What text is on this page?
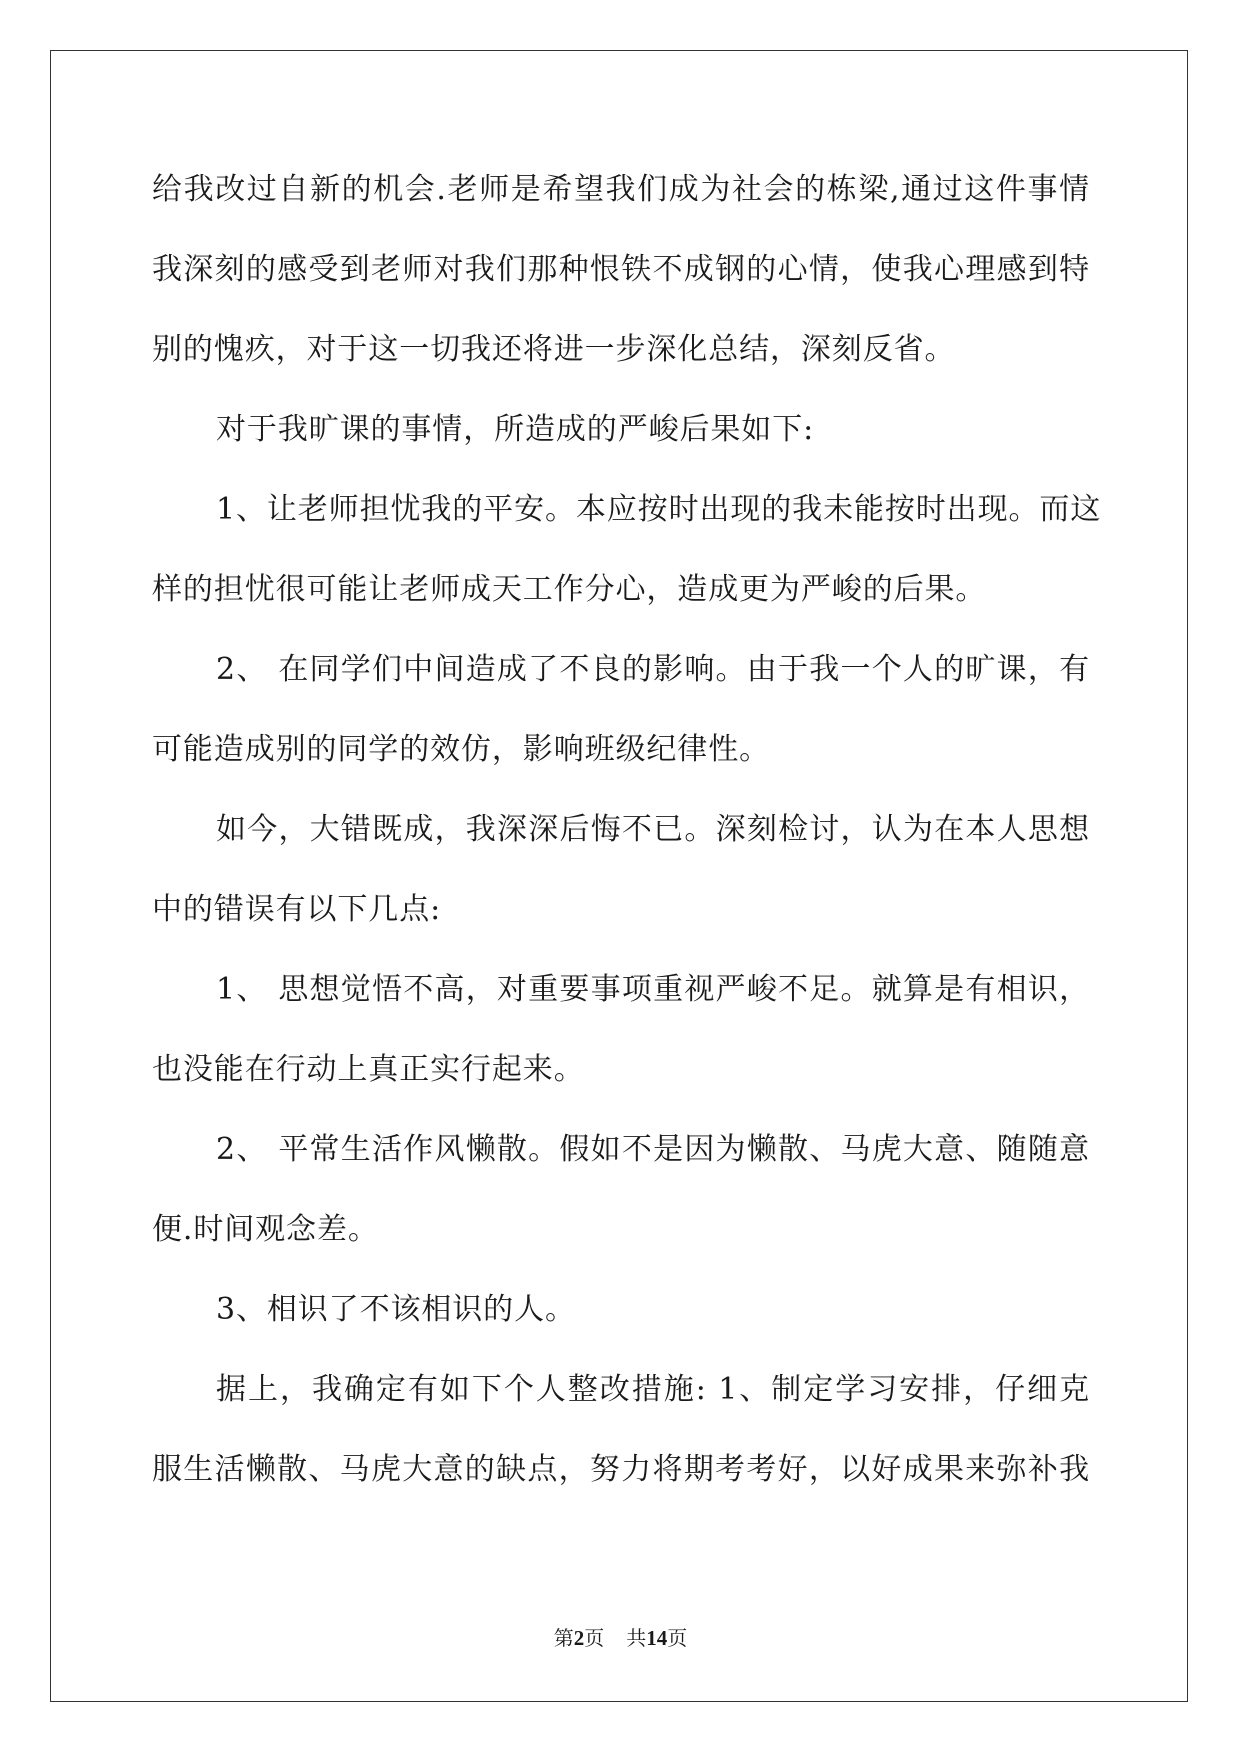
给我改过自新的机会.老师是希望我们成为社会的栋梁,通过这件事情
我深刻的感受到老师对我们那种恨铁不成钢的心情，使我心理感到特
别的愧疚，对于这一切我还将进一步深化总结，深刻反省。
对于我旷课的事情，所造成的严峻后果如下:
1、让老师担忧我的平安。本应按时出现的我未能按时出现。而这
样的担忧很可能让老师成天工作分心，造成更为严峻的后果。
2、 在同学们中间造成了不良的影响。由于我一个人的旷课，有
可能造成别的同学的效仿，影响班级纪律性。
如今，大错既成，我深深后悔不已。深刻检讨，认为在本人思想
中的错误有以下几点:
1、 思想觉悟不高，对重要事项重视严峻不足。就算是有相识，
也没能在行动上真正实行起来。
2、 平常生活作风懒散。假如不是因为懒散、马虎大意、随随意
便.时间观念差。
3、相识了不该相识的人。
据上，我确定有如下个人整改措施: 1、制定学习安排，仔细克
服生活懒散、马虎大意的缺点，努力将期考考好，以好成果来弥补我
第2页 共14页
